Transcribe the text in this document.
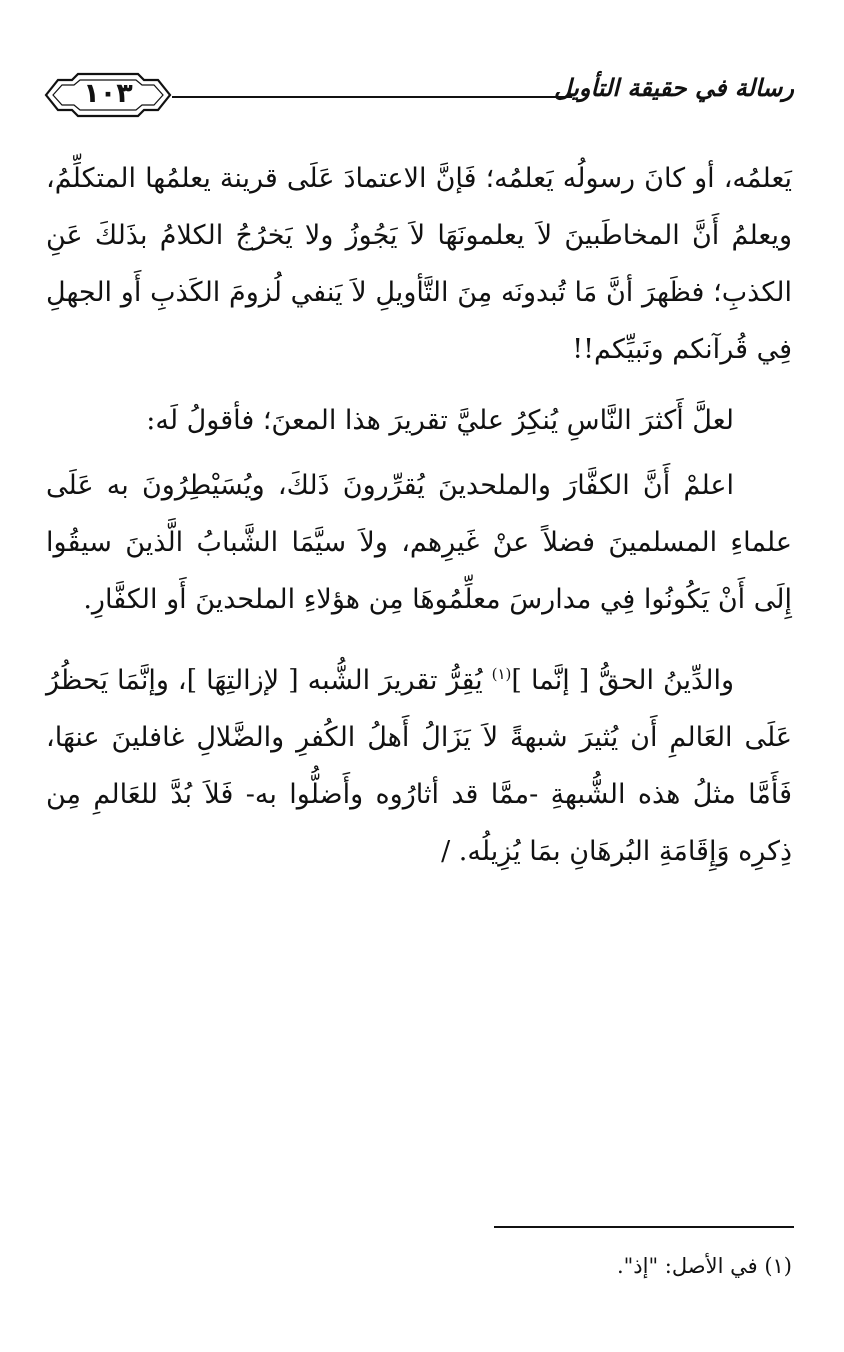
رسالة في حقيقة التأويل
١٠٣

يَعلمُه، أو كانَ رسولُه يَعلمُه؛ فَإنَّ الاعتمادَ عَلَى قرينة يعلمُها المتكلِّمُ، ويعلمُ أَنَّ المخاطَبينَ لاَ يعلمونَهَا لاَ يَجُوزُ ولا يَخرُجُ الكلامُ بذَلكَ عَنِ الكذبِ؛ فظَهرَ أنَّ مَا تُبدونَه مِنَ التَّأويلِ لاَ يَنفي لُزومَ الكَذبِ أَو الجهلِ فِي قُرآنكم ونَبيِّكم!!

لعلَّ أَكثرَ النَّاسِ يُنكِرُ عليَّ تقريرَ هذا المعنَ؛ فأقولُ لَه:

اعلمْ أَنَّ الكفَّارَ والملحدينَ يُقرِّرونَ ذَلكَ، ويُسَيْطِرُونَ به عَلَى علماءِ المسلمينَ فضلاً عنْ غَيرِهم، ولاَ سيَّمَا الشَّبابُ الَّذينَ سيقُوا إِلَى أَنْ يَكُونُوا فِي مدارسَ معلِّمُوهَا مِن هؤلاءِ الملحدينَ أَو الكفَّارِ.

والدِّينُ الحقُّ [ إنَّما ]$^{(١)}$ يُقِرُّ تقريرَ الشُّبه [ لإزالتِهَا ]، وإنَّمَا يَحظُرُ عَلَى العَالمِ أَن يُثيرَ شبهةً لاَ يَزَالُ أَهلُ الكُفرِ والضَّلالِ غافلينَ عنهَا، فَأَمَّا مثلُ هذه الشُّبهةِ -ممَّا قد أثارُوه وأَضلُّوا به- فَلاَ بُدَّ للعَالمِ مِن ذِكرِه وَإِقَامَةِ البُرهَانِ بمَا يُزِيلُه. /

(١) في الأصل: "إذ".
